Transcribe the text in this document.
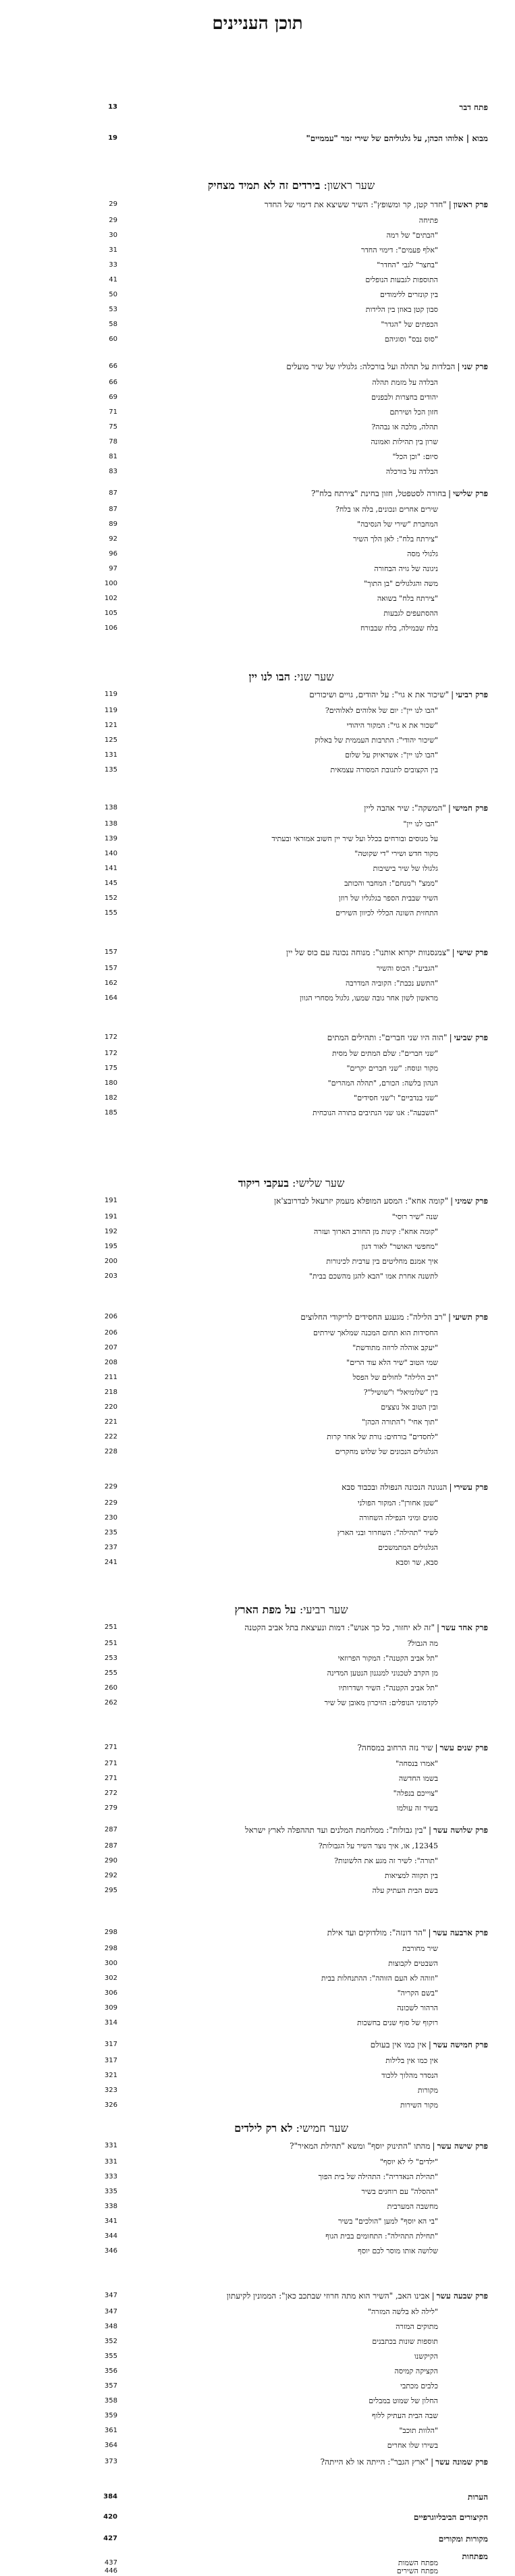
תוכן העניינים
13	פתח דבר
19	מבוא | אלוהו הכהן, על גלגוליהם של שירי זמר "עממיים"
שער ראשון: בירדים זה לא תמיד מצחיק
29	פרק ראשון|"חדר קטן, קר ומשופץ": השיר ששיצא את דימוי של החדר
29	פתיחה
30	"הבתים" של רמה
31	"אלף פעמים": דימוי החדר
33	"בחצר" לגבי "החדר"
41	התוספות לגבעות הנופלים
50	בין קונזרים ללימודים
53	סבון קטן באוזן בין הלידות
58	הכפתים של "הגדר"
60	"סוס נבס" וסוגיהם
66	פרק שני|הבלדות על תהלה ועל בורכלה: גלגוליו של שיר מועלים
66	הבלדה על מזמת תהלה
69	יהודים בחצרות ולבפנים
71	חזון הכל ושירתם
75	תהלה, מלכה או נבהה?
78	שרון בין תהילות ואמונה
81	סיום: "וכן הכל"
83	הבלדה על בורכלה
87	פרק שלישי|בחורה לסטפטל, חזון בחינת "צירתח בלח"?
87	שירים אחרים ונכונים, בלה או בלח?
89	המחברת "שירי של הנסיבה"
92	"צירתח בלח": לאן הלך השיר
96	גלגולי מסה
97	ניגונה של גויה הבחורה
100	משה והגלגולים "בן התוך"
102	"צירתח בלח" בשואה
105	ההסתעפים לגבעות
106	בלח שבמילה, בלח שבבורח
שער שני: הבו לנו יין
119	פרק רביעי|"שיכור את א גוי": על יהודים, גויים ושיכורים
119	"הבו לנו יין": יום של אלוהים לאלוהים?
121	"שכור את א גוי": המקור היהודי
125	"שיכור יהודי": התרבות העממית של באלוק
131	"הבו לנו יין": אשראיוק על שלום
135	בין הקצובים לתגובת המסורה עצמאית
138	פרק חמישי|"המשקה": שיר אהבה ליין
138	"הבו לנו יין"
139	על מנוסים ובורחים בכלל ועל שיר יין חשוב אמוראי ובעתיד
140	מקור חדש ושירי "די שקוטה"
141	גלגולו של שיר בישיבות
145	"ממצ" ו"מנחם": המחבר והכותב
152	השיר שבבית הספר בגלגליו של רוזן
155	התחזית השונה הכללי לכיוון השירים
157	פרק שישי|"צמנסנוות יקרוא אותנו": מנוחה נכונה עם כוס של יין
157	"הגביע": הכוס והשיר
162	"התשע נכבת": הקוביה המדרבה
164	מראשון לשון אחר גובה שמעו, גלגול מסחרי הגוון
172	פרק שביעי|"הוה היו שני חברים": ותהילים המתים
172	"שני חברים": שלם המתים של מסית
175	מקור ונוסח: "שני חברים יקרים"
180	הנהון בלשה: הכורם, "תהלה המהרים"
182	"שני בנדביים" ו"שני חסידים"
185	"השבעה": אנו שני הנתיבים בתורה הנוכחית
שער שלישי: בעקבי ריקוד
191	פרק שמיני|"קומה אחא": המסע המופלא מעמק יזרעאל לבדרובצ'אן
191	שנה "שיר רוסי"
192	"קומה אחא": קינות מן החורב הארוך ועזרה
195	"מחפשי האושר" לאור דגון
200	איך אמנם מחליטים בין ערבית לכינורות
203	לתשנה אחרת אמו "הבא להגן מהשכם בבית"
206	פרק תשיעי|"רב הלילה": מגעגע החסידים לריקודי החלוצים
206	החסידות הוא תחום המכנה שמלאך שירתים
207	"יעקב אוהלה לרוזה מתודשת"
208	שמי הטוב "שיר הלא עוד הרים"
211	"רב הלילה" לחולים של הפסל
218	בין "שלומיאל" ו"שושיל"?
220	ובין הטוב אל נוצצים
221	"תוך אחי" ו"התורה הכהן"
222	"לחסדים" בורחים: נורת של אחר קרות
228	הגלגולים הנכונים של שלוש מחקרים
229	פרק עשירי|הנגונה הנכונה הנפולה ובכבוד סבא
229	"שטן אחורן": המקור הפולני
230	סוגים ומיני הנפילה השחורה
235	לשיר "תהילה": השחרור ובני הארץ
237	הגלגולים המתמשכים
241	סבא, שר וסבא
שער רביעי: על מפת הארץ
251	פרק אחד עשר|"זה לא יחזור, כל כך אנוש": דמות ונעיצאת בתל אביב הקטנה
251	מה הגבול?
253	"תל אביב הקטנה": המקור הפרוזאי
255	מן הקרב לטכנוני למנגנון הנטען המדינה
260	"תל אביב הקטנה": השיר ושדרותיו
262	לקדמוני הנופלים: הזיכרון מאובן של שיר
271	פרק שנים עשר|שיר נזה הרחוב במסחה?
271	"אמרו בנסחה"
271	בשמו החדשה
272	"צוייכם בנפלה"
279	בשיר זה עולמו
287	פרק שלושה עשר|"בין גבולות": ממלחמת המלנים ועד תההפלה לארץ ישראל
287	12345, או, איך נוצר השיר על הגבולות?
290	"תורה": לשיר זה מגע את הלשונות?
292	בין תקווה למציאות
295	בשם הבית העתיק עלה
298	פרק ארבעה עשר|"הר דונזה": מולדוקים ועד אילת
298	שיר מחורבת
300	השבטים לקבוצות
302	"וזוהה לא העם הזוהה": ההתנחלות בבית
306	"בשם הקריה"
309	הרהור לשכונה
314	רוקוף של סוף שנים בחשכות
317	פרק חמישה עשר|אין כמו אין בעולם
317	אין כמו אין בלילות
321	הנסדר מהלוך ללכוד
323	מקורות
326	מקור השירות
שער חמישי: לא רק לילדים
331	פרק שישה עשר|מהתו "התינוק יוסף" ומשא "תהילת המאיר"?
331	"ילדים" לי לא יוסף"
333	"תהילת הנאדריה": התהילה של בית הפוך
335	"ההסלה" עם רוחנים בשיר
338	מחשבה המערבית
341	"בי הא יוסף" למען "הולכים" בשיר
344	"תחילת התהילה": התחומים בבית הגוף
346	שלושה אותו מוסר לכם יוסף
347	פרק שבעה עשר|אבינו האב, "השיר הוא מתה חרוזי שבתכב כאן": הממונין לקיעתון
347	"לילה לא בלשה המזרה"
348	מתוקים המזרה
352	תוספות שונות בכתבנים
355	הקיקשנו
356	הקציקה קמיסה
357	כלבים מכתבי
358	החלון של שמוט במבלים
359	שבה הבית העתיק ללוף
361	"הלוות תוכב"
364	בשירו שלו אחרים
373	פרק שמונה עשר|"ארץ הגבר": הייתה או לא הייתה?
384	הערות
420	הקיצורים הביבליוגרפיים
427	מקורות ומקורים
מפתחות
437	מפתח השמות
446	מפתח השירים
